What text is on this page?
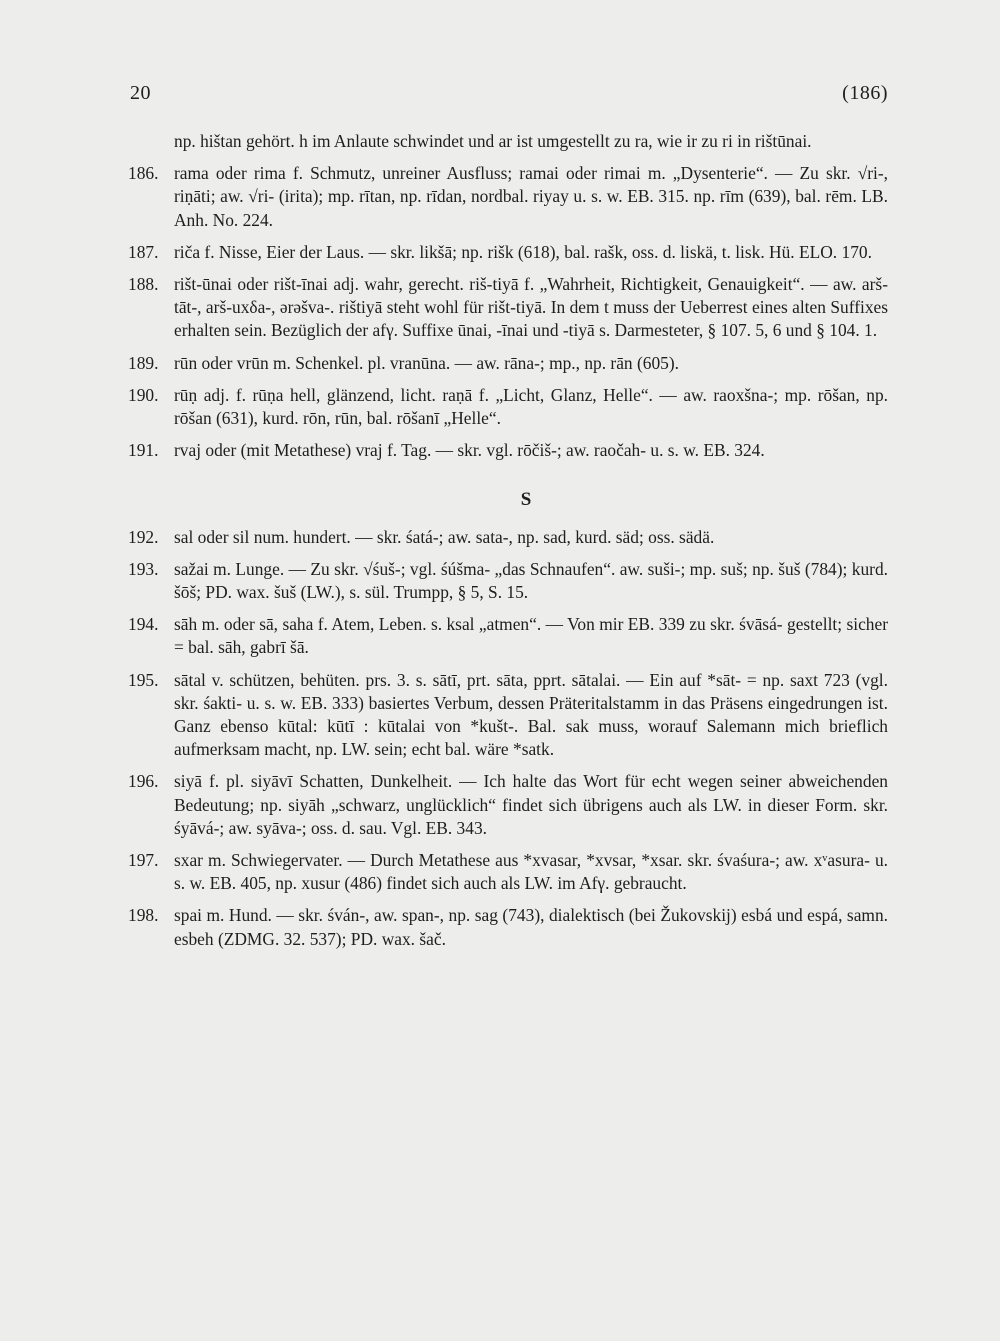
20	(186)
np. hištan gehört. h im Anlaute schwindet und ar ist umgestellt zu ra, wie ir zu ri in rištūnai.
186. rama oder rima f. Schmutz, unreiner Ausfluss; ramai oder rimai m. „Dysenterie“. — Zu skr. √ri-, riṇāti; aw. √ri- (irita); mp. rītan, np. rīdan, nordbal. riyay u. s. w. EB. 315. np. rīm (639), bal. rēm. LB. Anh. No. 224.
187. riča f. Nisse, Eier der Laus. — skr. likšā; np. rišk (618), bal. rašk, oss. d. liskä, t. lisk. Hü. ELO. 170.
188. rišt-ūnai oder rišt-īnai adj. wahr, gerecht. riš-tiyā f. „Wahrheit, Richtigkeit, Genauigkeit“. — aw. arš-tāt-, arš-uxδa-, ərəšva-. rištiyā steht wohl für rišt-tiyā. In dem t muss der Ueberrest eines alten Suffixes erhalten sein. Bezüglich der afγ. Suffixe ūnai, -īnai und -tiyā s. Darmesteter, § 107. 5, 6 und § 104. 1.
189. rūn oder vrūn m. Schenkel. pl. vranūna. — aw. rāna-; mp., np. rān (605).
190. rūṇ adj. f. rūṇa hell, glänzend, licht. raṇā f. „Licht, Glanz, Helle“. — aw. raoxšna-; mp. rōšan, np. rōšan (631), kurd. rōn, rūn, bal. rōšanī „Helle“.
191. rvaj oder (mit Metathese) vraj f. Tag. — skr. vgl. rōčiš-; aw. raočah- u. s. w. EB. 324.
S
192. sal oder sil num. hundert. — skr. śatá-; aw. sata-, np. sad, kurd. säd; oss. sädä.
193. sažai m. Lunge. — Zu skr. √śuš-; vgl. śúšma- „das Schnaufen“. aw. suši-; mp. suš; np. šuš (784); kurd. šōš; PD. wax. šuš (LW.), s. sül. Trumpp, § 5, S. 15.
194. sāh m. oder sā, saha f. Atem, Leben. s. ksal „atmen“. — Von mir EB. 339 zu skr. śvāsá- gestellt; sicher = bal. sāh, gabrī šā.
195. sātal v. schützen, behüten. prs. 3. s. sātī, prt. sāta, pprt. sātalai. — Ein auf *sāt- = np. saxt 723 (vgl. skr. śakti- u. s. w. EB. 333) basiertes Verbum, dessen Präteritalstamm in das Präsens eingedrungen ist. Ganz ebenso kūtal: kūtī : kūtalai von *kušt-. Bal. sak muss, worauf Salemann mich brieflich aufmerksam macht, np. LW. sein; echt bal. wäre *satk.
196. siyā f. pl. siyāvī Schatten, Dunkelheit. — Ich halte das Wort für echt wegen seiner abweichenden Bedeutung; np. siyāh „schwarz, unglücklich“ findet sich übrigens auch als LW. in dieser Form. skr. śyāvá-; aw. syāva-; oss. d. sau. Vgl. EB. 343.
197. sxar m. Schwiegervater. — Durch Metathese aus *xvasar, *xvsar, *xsar. skr. śvaśura-; aw. xᵛasura- u. s. w. EB. 405, np. xusur (486) findet sich auch als LW. im Afγ. gebraucht.
198. spai m. Hund. — skr. śván-, aw. span-, np. sag (743), dialektisch (bei Žukovskij) esbá und espá, samn. esbeh (ZDMG. 32. 537); PD. wax. šač.
